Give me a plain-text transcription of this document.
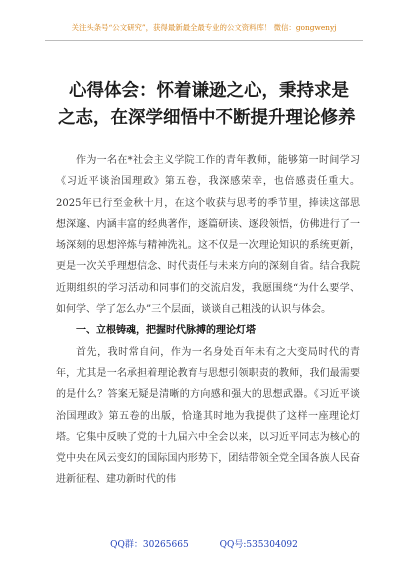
关注头条号“公文研究”，获得最新最全最专业的公文资料库！ 微信：gongwenyj
心得体会：怀着谦逊之心，秉持求是
之志，在深学细悟中不断提升理论修养

作为一名在*社会主义学院工作的青年教师，能够第一时间学习《习近平谈治国理政》第五卷，我深感荣幸，也倍感责任重大。2025年已行至金秋十月，在这个收获与思考的季节里，捧读这部思想深邃、内涵丰富的经典著作，逐篇研读、逐段领悟，仿佛进行了一场深刻的思想淬炼与精神洗礼。这不仅是一次理论知识的系统更新，更是一次关乎理想信念、时代责任与未来方向的深刻自省。结合我院近期组织的学习活动和同事们的交流启发，我愿围绕“为什么要学、如何学、学了怎么办”三个层面，谈谈自己粗浅的认识与体会。

一、立根铸魂，把握时代脉搏的理论灯塔

首先，我时常自问，作为一名身处百年未有之大变局时代的青年，尤其是一名承担着理论教育与思想引领职责的教师，我们最需要的是什么？答案无疑是清晰的方向感和强大的思想武器。《习近平谈治国理政》第五卷的出版，恰逢其时地为我提供了这样一座理论灯塔。它集中反映了党的十九届六中全会以来，以习近平同志为核心的党中央在风云变幻的国际国内形势下，团结带领全党全国各族人民奋进新征程、建功新时代的伟

QQ群：30265665	QQ号:535304092
